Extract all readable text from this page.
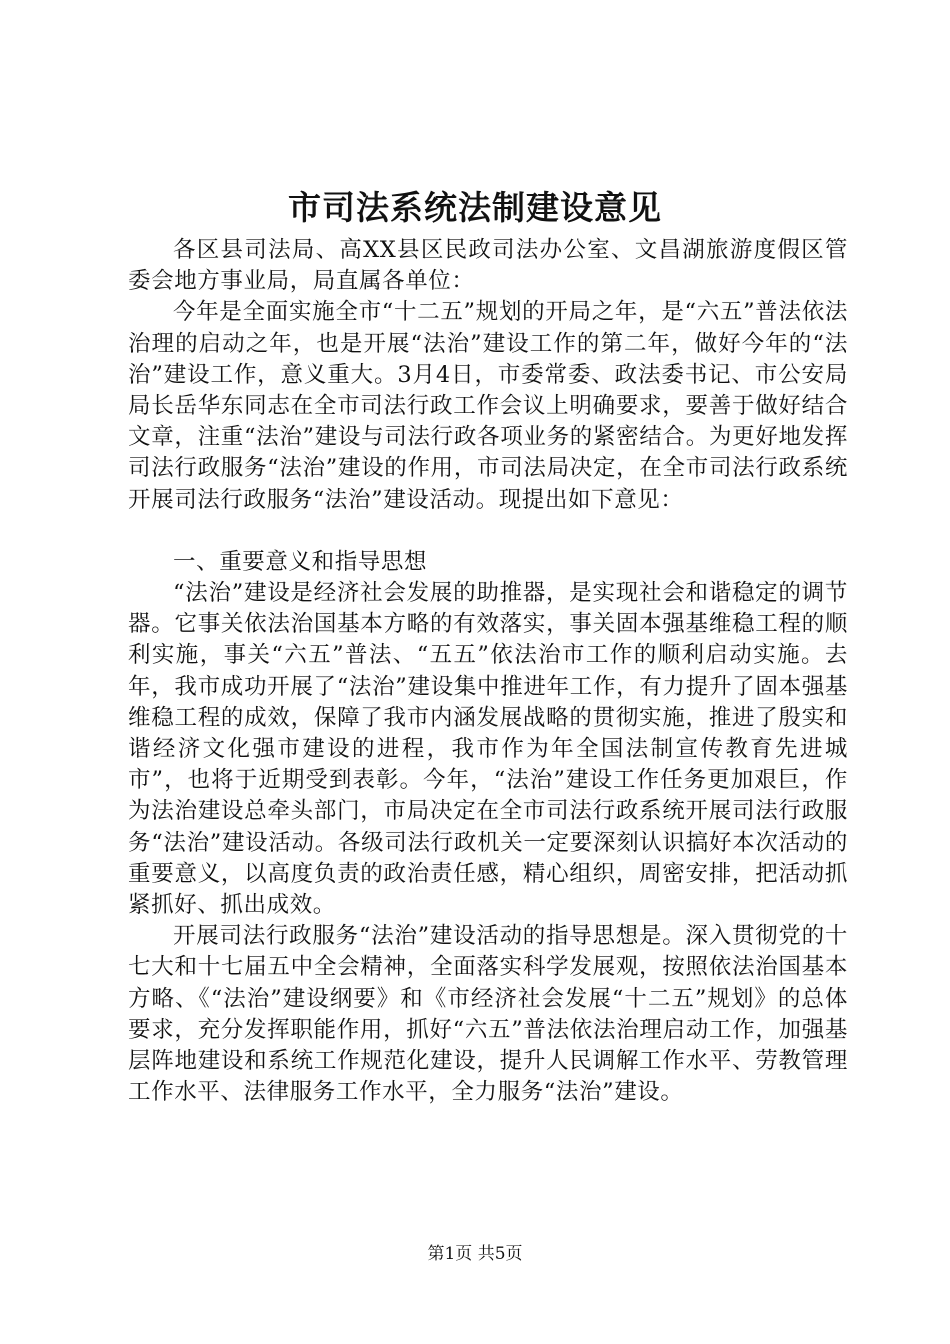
市司法系统法制建设意见

各区县司法局、高XX县区民政司法办公室、文昌湖旅游度假区管委会地方事业局，局直属各单位：

今年是全面实施全市“十二五”规划的开局之年，是“六五”普法依法治理的启动之年，也是开展“法治”建设工作的第二年，做好今年的“法治”建设工作，意义重大。3月4日，市委常委、政法委书记、市公安局局长岳华东同志在全市司法行政工作会议上明确要求，要善于做好结合文章，注重“法治”建设与司法行政各项业务的紧密结合。为更好地发挥司法行政服务“法治”建设的作用，市司法局决定，在全市司法行政系统开展司法行政服务“法治”建设活动。现提出如下意见：

一、重要意义和指导思想

“法治”建设是经济社会发展的助推器，是实现社会和谐稳定的调节器。它事关依法治国基本方略的有效落实，事关固本强基维稳工程的顺利实施，事关“六五”普法、“五五”依法治市工作的顺利启动实施。去年，我市成功开展了“法治”建设集中推进年工作，有力提升了固本强基维稳工程的成效，保障了我市内涵发展战略的贯彻实施，推进了殷实和谐经济文化强市建设的进程，我市作为年全国法制宣传教育先进城市”，也将于近期受到表彰。今年，“法治”建设工作任务更加艰巨，作为法治建设总牵头部门，市局决定在全市司法行政系统开展司法行政服务“法治”建设活动。各级司法行政机关一定要深刻认识搞好本次活动的重要意义，以高度负责的政治责任感，精心组织，周密安排，把活动抓紧抓好、抓出成效。

开展司法行政服务“法治”建设活动的指导思想是。深入贯彻党的十七大和十七届五中全会精神，全面落实科学发展观，按照依法治国基本方略、《“法治”建设纲要》和《市经济社会发展“十二五”规划》的总体要求，充分发挥职能作用，抓好“六五”普法依法治理启动工作，加强基层阵地建设和系统工作规范化建设，提升人民调解工作水平、劳教管理工作水平、法律服务工作水平，全力服务“法治”建设。

第1页 共5页
